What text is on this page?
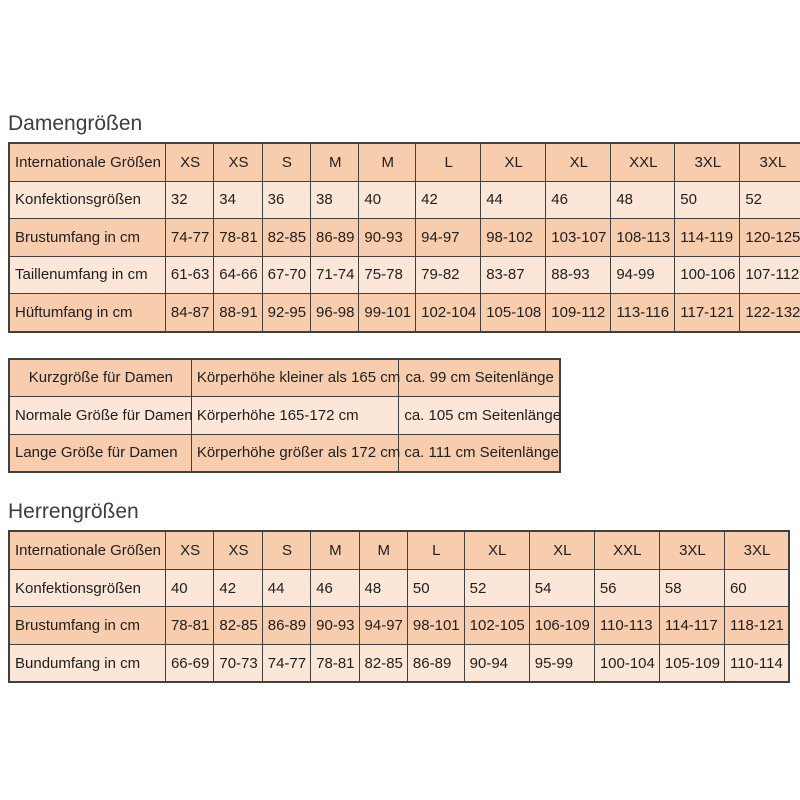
Damengrößen
Internationale Größen	XS	XS	S	M	M	L	XL	XL	XXL	3XL	3XL
Konfektionsgrößen	32	34	36	38	40	42	44	46	48	50	52
Brustumfang in cm	74-77	78-81	82-85	86-89	90-93	94-97	98-102	103-107	108-113	114-119	120-125
Taillenumfang in cm	61-63	64-66	67-70	71-74	75-78	79-82	83-87	88-93	94-99	100-106	107-112
Hüftumfang in cm	84-87	88-91	92-95	96-98	99-101	102-104	105-108	109-112	113-116	117-121	122-132
Kurzgröße für Damen	Körperhöhe kleiner als 165 cm	ca. 99 cm Seitenlänge
Normale Größe für Damen	Körperhöhe 165-172 cm	ca. 105 cm Seitenlänge
Lange Größe für Damen	Körperhöhe größer als 172 cm	ca. 111 cm Seitenlänge
Herrengrößen
Internationale Größen	XS	XS	S	M	M	L	XL	XL	XXL	3XL	3XL
Konfektionsgrößen	40	42	44	46	48	50	52	54	56	58	60
Brustumfang in cm	78-81	82-85	86-89	90-93	94-97	98-101	102-105	106-109	110-113	114-117	118-121
Bundumfang in cm	66-69	70-73	74-77	78-81	82-85	86-89	90-94	95-99	100-104	105-109	110-114
